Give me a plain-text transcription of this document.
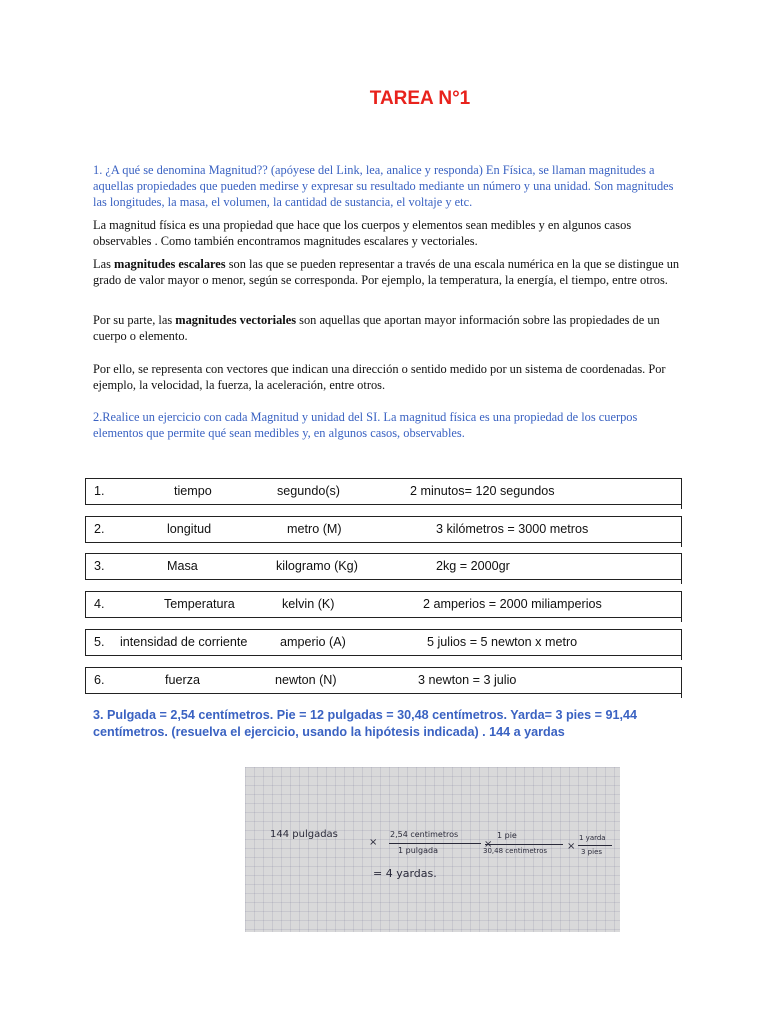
TAREA N°1

1. ¿A qué se denomina Magnitud?? (apóyese del Link, lea, analice y responda) En Física, se llaman magnitudes a aquellas propiedades que pueden medirse y expresar su resultado mediante un número y una unidad. Son magnitudes las longitudes, la masa, el volumen, la cantidad de sustancia, el voltaje y etc.

La magnitud física es una propiedad que hace que los cuerpos y elementos sean medibles y en algunos casos observables . Como también encontramos magnitudes escalares y vectoriales.

Las magnitudes escalares son las que se pueden representar a través de una escala numérica en la que se distingue un grado de valor mayor o menor, según se corresponda. Por ejemplo, la temperatura, la energía, el tiempo, entre otros.

Por su parte, las magnitudes vectoriales son aquellas que aportan mayor información sobre las propiedades de un cuerpo o elemento.

Por ello, se representa con vectores que indican una dirección o sentido medido por un sistema de coordenadas. Por ejemplo, la velocidad, la fuerza, la aceleración, entre otros.

2.Realice un ejercicio con cada Magnitud y unidad del SI. La magnitud física es una propiedad de los cuerpos elementos que permite qué sean medibles y, en algunos casos, observables.

1.	tiempo	segundo(s)	2 minutos= 120 segundos
2.	longitud	metro (M)	3 kilómetros = 3000 metros
3.	Masa	kilogramo (Kg)	2kg = 2000gr
4.	Temperatura	kelvin (K)	2 amperios = 2000 miliamperios
5. intensidad de corriente	amperio (A)	5 julios = 5 newton x metro
6.	fuerza	newton (N)	3 newton = 3 julio
3. Pulgada = 2,54 centímetros. Pie = 12 pulgadas = 30,48 centímetros. Yarda= 3 pies = 91,44 centímetros. (resuelva el ejercicio, usando la hipótesis indicada) . 144 a yardas
144 pulgadas
×
2,54 centimetros
1 pulgada
×
1 pie
30,48 centimetros ×
1 yarda
3 pies
= 4 yardas.
